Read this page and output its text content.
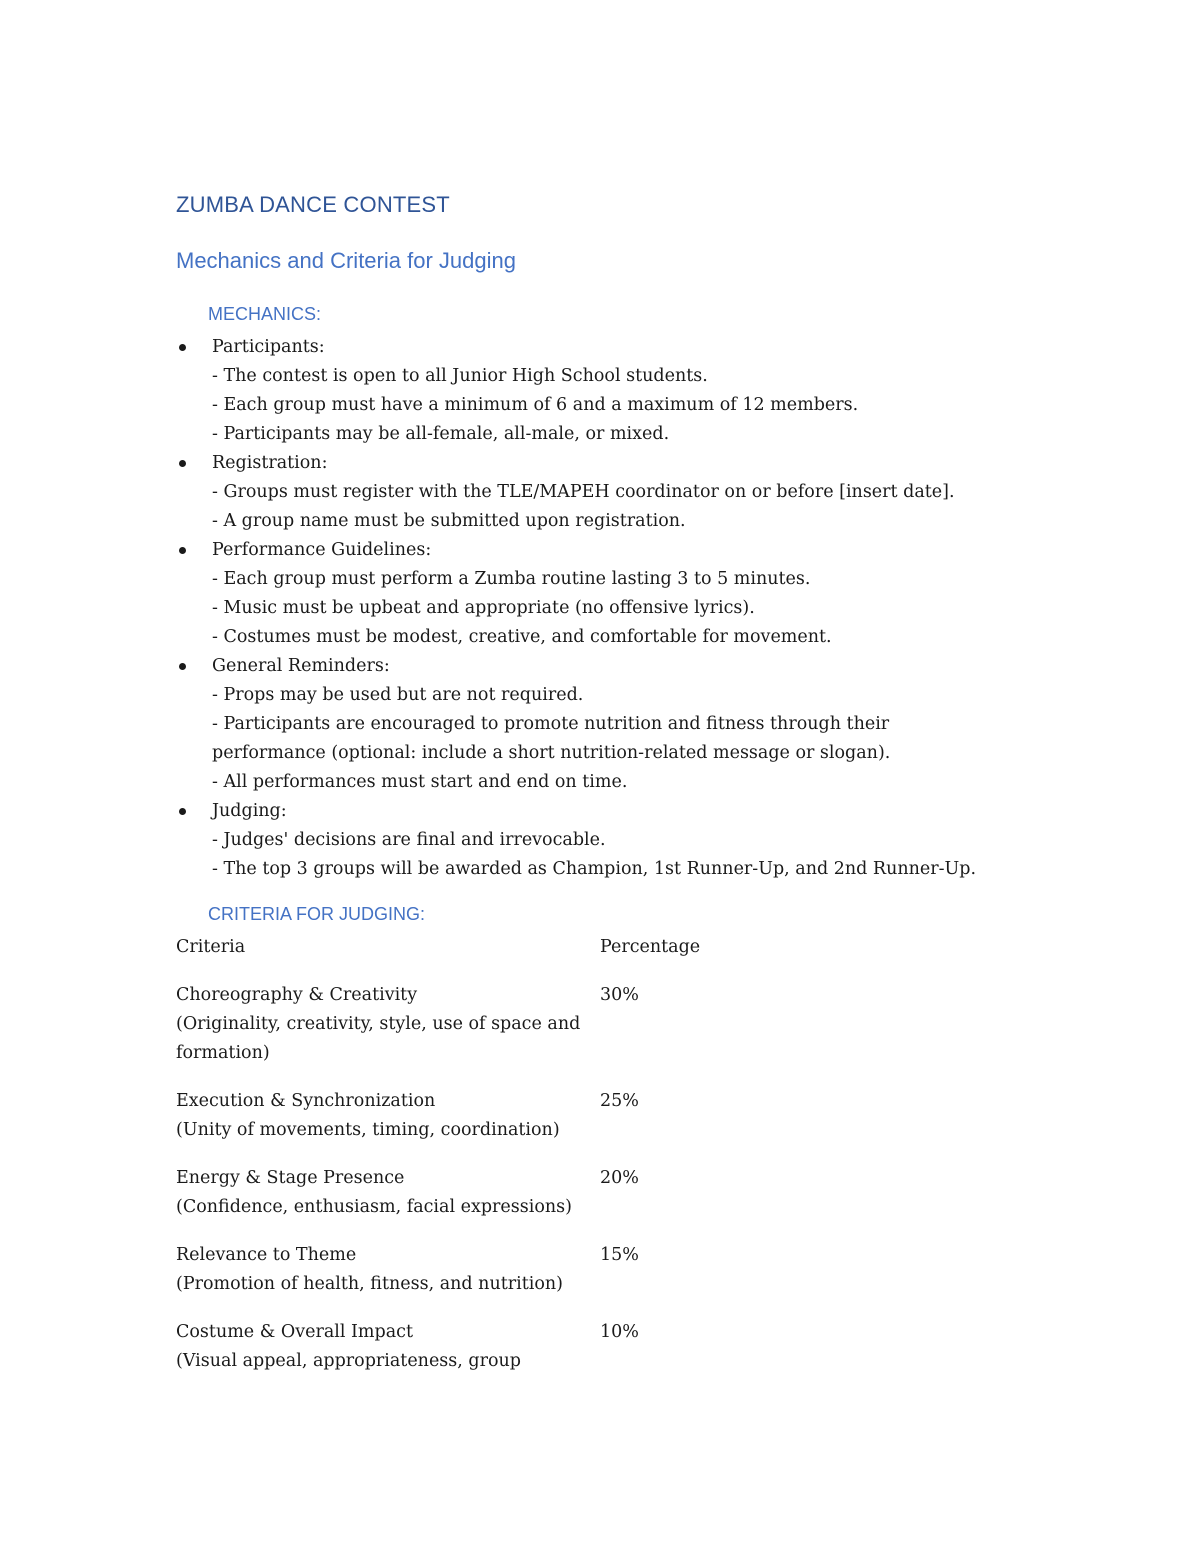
ZUMBA DANCE CONTEST
Mechanics and Criteria for Judging
MECHANICS:
Participants:
- The contest is open to all Junior High School students.
- Each group must have a minimum of 6 and a maximum of 12 members.
- Participants may be all-female, all-male, or mixed.
Registration:
- Groups must register with the TLE/MAPEH coordinator on or before [insert date].
- A group name must be submitted upon registration.
Performance Guidelines:
- Each group must perform a Zumba routine lasting 3 to 5 minutes.
- Music must be upbeat and appropriate (no offensive lyrics).
- Costumes must be modest, creative, and comfortable for movement.
General Reminders:
- Props may be used but are not required.
- Participants are encouraged to promote nutrition and fitness through their performance (optional: include a short nutrition-related message or slogan).
- All performances must start and end on time.
Judging:
- Judges' decisions are final and irrevocable.
- The top 3 groups will be awarded as Champion, 1st Runner-Up, and 2nd Runner-Up.
CRITERIA FOR JUDGING:
Criteria	Percentage
Choreography & Creativity
(Originality, creativity, style, use of space and formation)
30%
Execution & Synchronization
(Unity of movements, timing, coordination)
25%
Energy & Stage Presence
(Confidence, enthusiasm, facial expressions)
20%
Relevance to Theme
(Promotion of health, fitness, and nutrition)
15%
Costume & Overall Impact
(Visual appeal, appropriateness, group
10%
